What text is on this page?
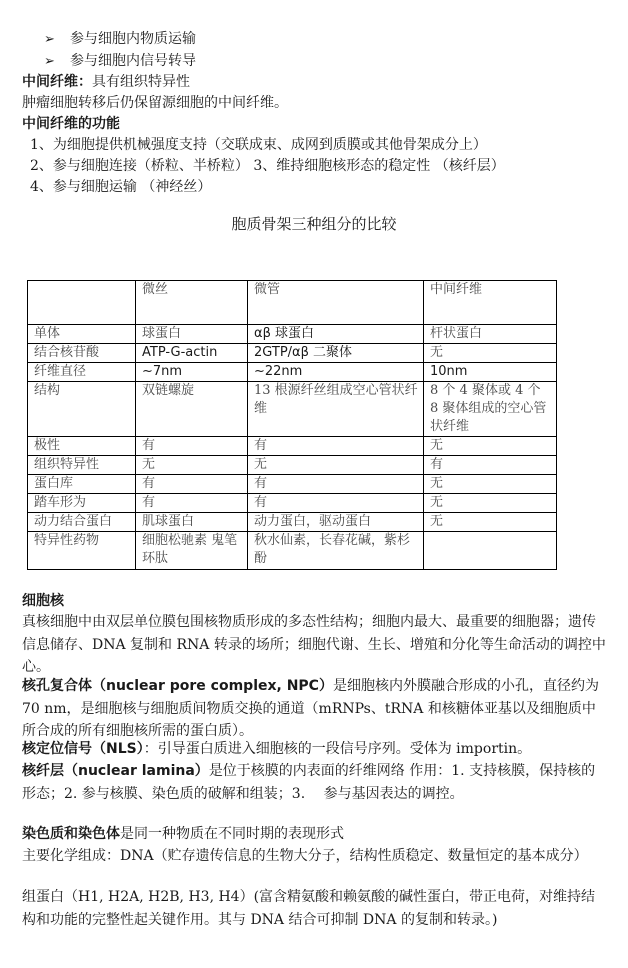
➢ 参与细胞内物质运输
➢ 参与细胞内信号转导
中间纤维：具有组织特异性
肿瘤细胞转移后仍保留源细胞的中间纤维。
中间纤维的功能
1、为细胞提供机械强度支持（交联成束、成网到质膜或其他骨架成分上）
2、参与细胞连接（桥粒、半桥粒） 3、维持细胞核形态的稳定性 （核纤层）
4、参与细胞运输 （神经丝）
胞质骨架三种组分的比较
	微丝	微管	中间纤维
单体	球蛋白	αβ 球蛋白	杆状蛋白
结合核苷酸	ATP-G-actin	2GTP/αβ 二聚体	无
纤维直径	~7nm	~22nm	10nm
结构	双链螺旋	13 根源纤丝组成空心管状纤维	8 个 4 聚体或 4 个 8 聚体组成的空心管状纤维
极性	有	有	无
组织特异性	无	无	有
蛋白库	有	有	无
踏车形为	有	有	无
动力结合蛋白	肌球蛋白	动力蛋白，驱动蛋白	无
特异性药物	细胞松驰素 鬼笔环肽	秋水仙素，长春花碱，紫杉酚	
细胞核
真核细胞中由双层单位膜包围核物质形成的多态性结构；细胞内最大、最重要的细胞器；遗传信息储存、DNA 复制和 RNA 转录的场所；细胞代谢、生长、增殖和分化等生命活动的调控中心。
核孔复合体（nuclear pore complex, NPC）是细胞核内外膜融合形成的小孔，直径约为 70 nm，是细胞核与细胞质间物质交换的通道（mRNPs、tRNA 和核糖体亚基以及细胞质中所合成的所有细胞核所需的蛋白质）。
核定位信号（NLS）：引导蛋白质进入细胞核的一段信号序列。受体为 importin。
核纤层（nuclear lamina）是位于核膜的内表面的纤维网络 作用：1. 支持核膜，保持核的形态；2. 参与核膜、染色质的破解和组装；3.　 参与基因表达的调控。
染色质和染色体是同一种物质在不同时期的表现形式
主要化学组成：DNA（贮存遗传信息的生物大分子，结构性质稳定、数量恒定的基本成分）
组蛋白（H1, H2A, H2B, H3, H4）(富含精氨酸和赖氨酸的碱性蛋白，带正电荷，对维持结构和功能的完整性起关键作用。其与 DNA 结合可抑制 DNA 的复制和转录。)
